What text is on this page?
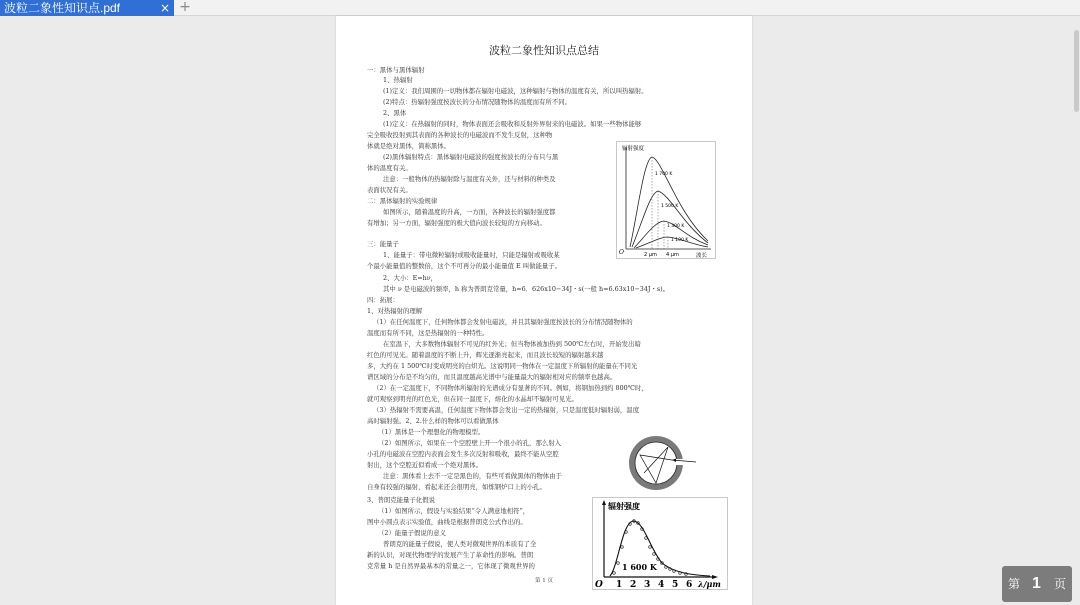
波粒二象性知识点.pdf	× +
波粒二象性知识点总结
一：黑体与黑体辐射
1、热辐射
(1)定义：我们周围的一切物体都在辐射电磁波，这种辐射与物体的温度有关，所以叫热辐射。
(2)特点：热辐射强度按波长的分布情况随物体的温度而有所不同。
2、黑体
(1)定义：在热辐射的同时，物体表面还会吸收和反射外界射来的电磁波。如果一些物体能够
完全吸收投射到其表面的各种波长的电磁波而不发生反射，这种物
体就是绝对黑体，简称黑体。
(2)黑体辐射特点：黑体辐射电磁波的强度按波长的分布只与黑
体的温度有关。
注意：一般物体的热辐射除与温度有关外，还与材料的种类及
表面状况有关。
二：黑体辐射的实验规律
如图所示，随着温度的升高，一方面，各种波长的辐射强度都
有增加；另一方面，辐射强度的极大值向波长较短的方向移动。
三：能量子
1、能量子：带电微粒辐射或吸收能量时，只能是辐射或吸收某
个最小能量值的整数倍，这个不可再分的最小能量值 E 叫做能量子。
2、大小：E=hν，
其中 ν 是电磁波的频率，h 称为普朗克常量，h=6．626x10−34J・s(一般 h=6.63x10−34J・s)。
四：拓展：
1、对热辐射的理解
（1）在任何温度下，任何物体都会发射电磁波，并且其辐射强度按波长的分布情况随物体的
温度而有所不同，这是热辐射的一种特性。
在室温下，大多数物体辐射不可见的红外光；但当物体被加热到 500℃左右时，开始发出暗
红色的可见光。随着温度的不断上升，辉光逐渐亮起来，而且波长较短的辐射越来越
多，大约在 1 500℃时变成明亮的白炽光。这说明同一物体在一定温度下所辐射的能量在不同光
谱区域的分布是不均匀的，而且温度越高光谱中与能量最大的辐射相对应的频率也越高。
（2）在一定温度下，不同物体所辐射的光谱成分有显著的不同。例如，将钢加热到约 800℃时，
就可观察到明亮的红色光，但在同一温度下，熔化的水晶却不辐射可见光。
（3）热辐射不需要高温，任何温度下物体都会发出一定的热辐射，只是温度低时辐射弱，温度
高时辐射强。2、2.什么样的物体可以看做黑体
（1）黑体是一个理想化的物理模型。
（2）如图所示，如果在一个空腔壁上开一个很小的孔，那么射入
小孔的电磁波在空腔内表面会发生多次反射和吸收，最终不能从空腔
射出，这个空腔近似看成一个绝对黑体。
注意：黑体看上去不一定是黑色的，有些可看做黑体的物体由于
自身有较强的辐射，看起来还会很明亮，如炼钢炉口上的小孔。
3、普朗克能量子化假说
（1）如图所示，假设与实验结果“令人满意地相符”，
图中小圆点表示实验值，曲线是根据普朗克公式作出的。
（2）能量子假说的意义
普朗克的能量子假说，使人类对微观世界的本质有了全
新的认识，对现代物理学的发展产生了革命性的影响。普朗
克常量 h 是自然界最基本的常量之一，它体现了微观世界的
辐射强度
波长
O	2 μm 4 μm
1 700 K
1 500 K
1 300 K
1 100 K
辐射强度
O 1 2 3 4 5 6 λ/μm
1 600 K
第 1 页	第 1 页
